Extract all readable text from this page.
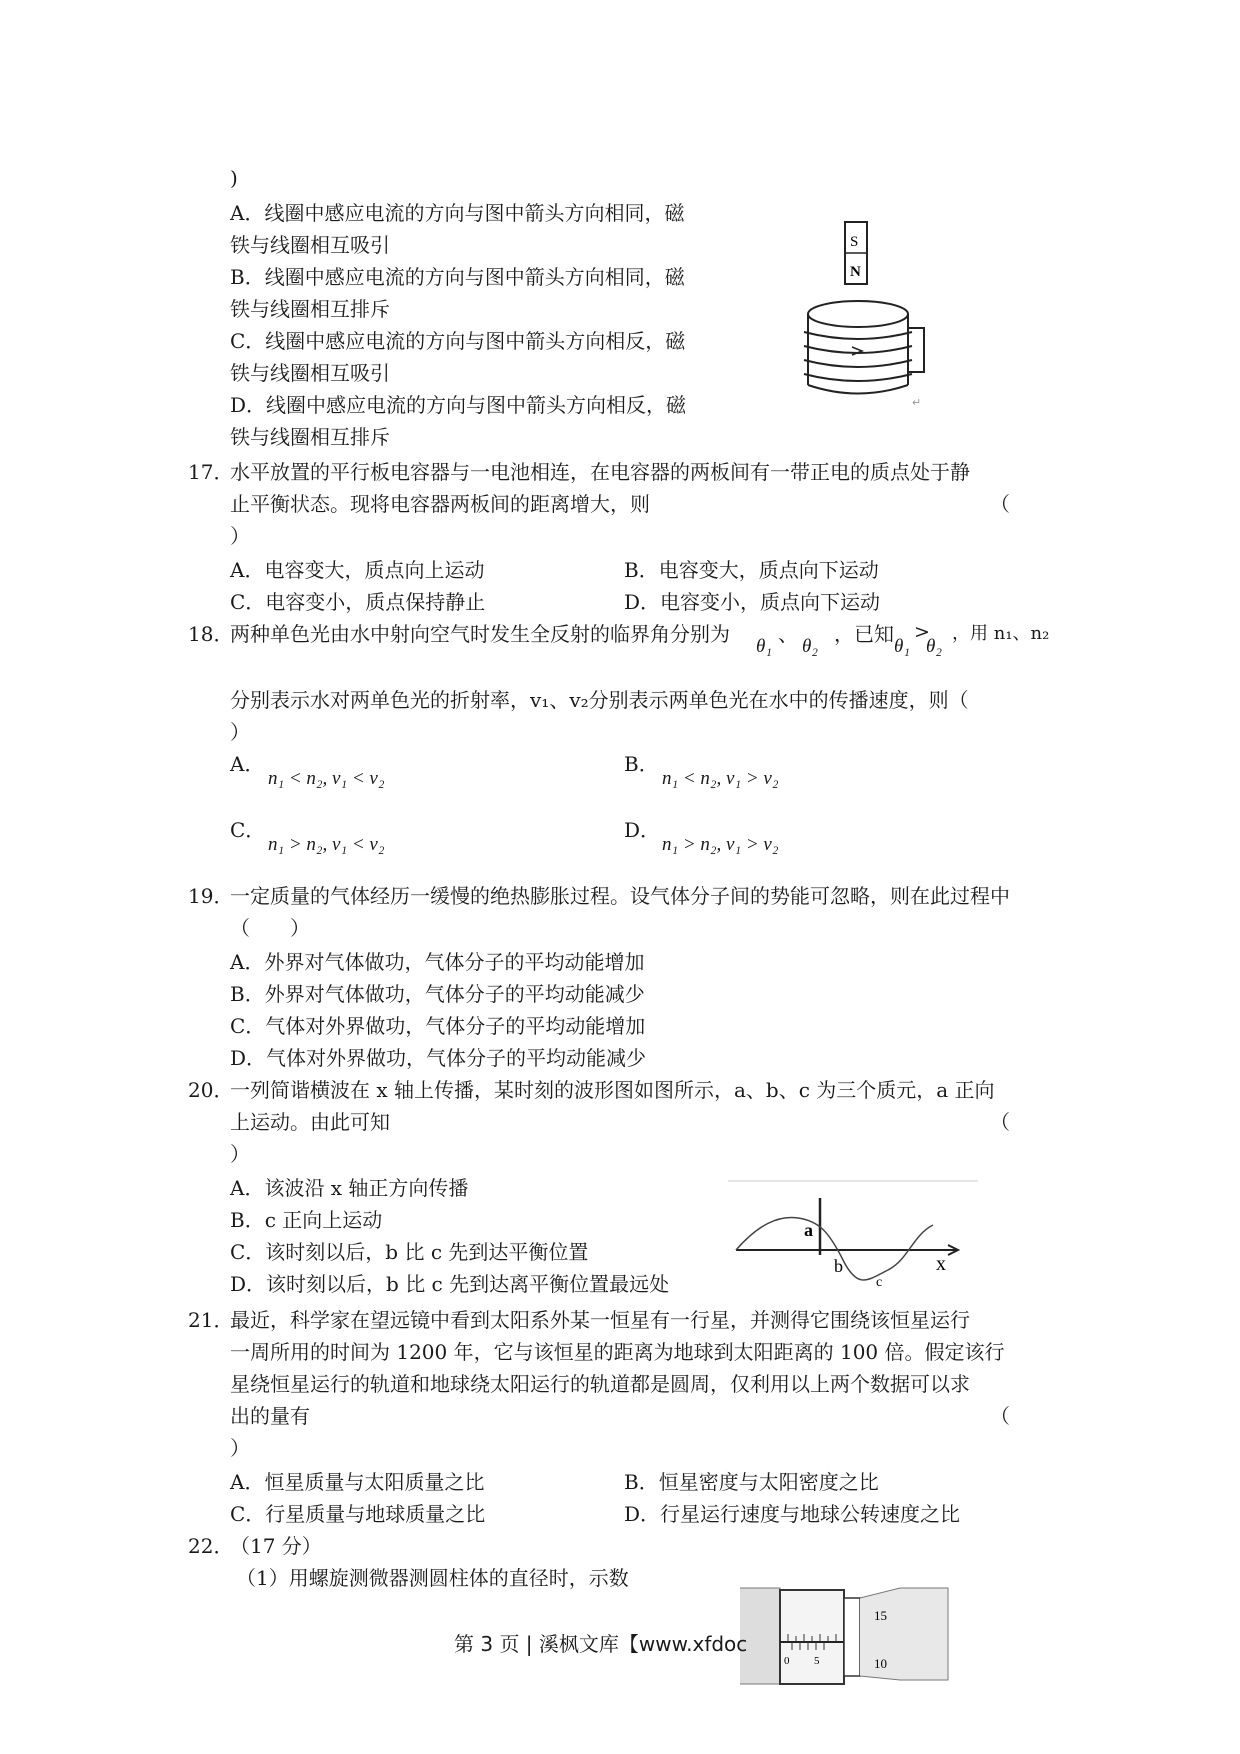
)
A．线圈中感应电流的方向与图中箭头方向相同，磁
铁与线圈相互吸引
B．线圈中感应电流的方向与图中箭头方向相同，磁
铁与线圈相互排斥
C．线圈中感应电流的方向与图中箭头方向相反，磁
铁与线圈相互吸引
D．线圈中感应电流的方向与图中箭头方向相反，磁
铁与线圈相互排斥
S
N
↵
17．
水平放置的平行板电容器与一电池相连，在电容器的两板间有一带正电的质点处于静
止平衡状态。现将电容器两板间的距离增大，则	（
）
A．电容变大，质点向上运动	B．电容变大，质点向下运动
C．电容变小，质点保持静止	D．电容变小，质点向下运动
18．
两种单色光由水中射向空气时发生全反射的临界角分别为
θ₁
、
θ₂
，已知
θ₁
>
θ₂
，用 n₁、n₂
分别表示水对两单色光的折射率，v₁、v₂分别表示两单色光在水中的传播速度，则（
）
A．
n₁ < n₂, v₁ < v₂
B．
n₁ < n₂, v₁ > v₂
C．
n₁ > n₂, v₁ < v₂
D．
n₁ > n₂, v₁ > v₂
19．
一定质量的气体经历一缓慢的绝热膨胀过程。设气体分子间的势能可忽略，则在此过程中
（　　）
A．外界对气体做功，气体分子的平均动能增加
B．外界对气体做功，气体分子的平均动能减少
C．气体对外界做功，气体分子的平均动能增加
D．气体对外界做功，气体分子的平均动能减少
20．
一列简谐横波在 x 轴上传播，某时刻的波形图如图所示，a、b、c 为三个质元，a 正向
上运动。由此可知	（
）
A．该波沿 x 轴正方向传播
B．c 正向上运动
C．该时刻以后，b 比 c 先到达平衡位置
D．该时刻以后，b 比 c 先到达离平衡位置最远处
a
b
c
x
21．
最近，科学家在望远镜中看到太阳系外某一恒星有一行星，并测得它围绕该恒星运行
一周所用的时间为 1200 年，它与该恒星的距离为地球到太阳距离的 100 倍。假定该行
星绕恒星运行的轨道和地球绕太阳运行的轨道都是圆周，仅利用以上两个数据可以求
出的量有	（
）
A．恒星质量与太阳质量之比	B．恒星密度与太阳密度之比
C．行星质量与地球质量之比	D．行星运行速度与地球公转速度之比
22．
（17 分）
（1）用螺旋测微器测圆柱体的直径时，示数
15
10
0 5
第 3 页 | 溪枫文库【www.xfdoc
